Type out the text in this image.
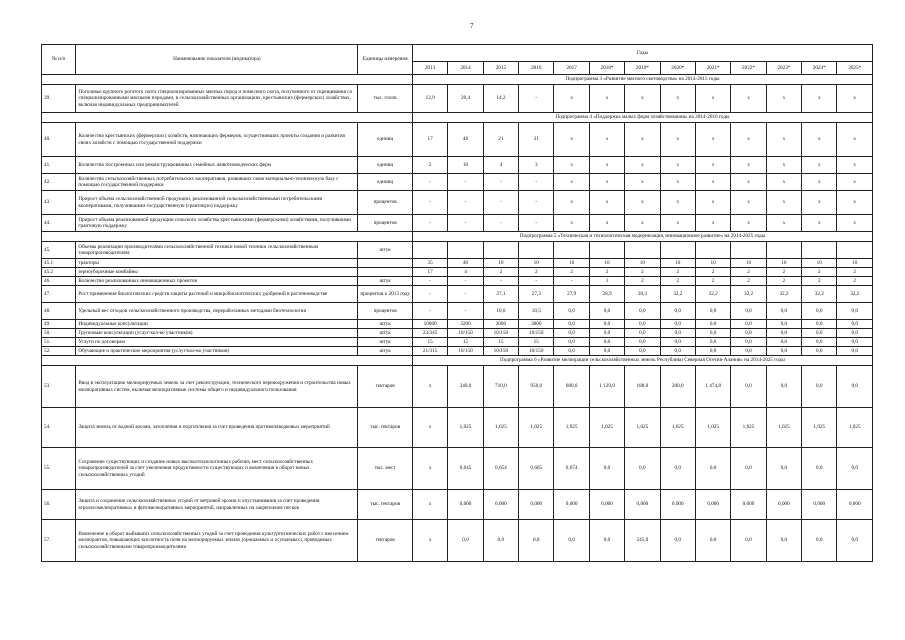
7
№ п/п	Наименование показателя (индикатора)	Единицы измерения	Годы												
			2013	2014	2015	2016	2017	2018*	2019*	2020*	2021*	2022*	2023*	2024*	2025*
			Подпрограмма 3 «Развитие мясного скотоводства» на 2014-2015 годы												
39.	Поголовье крупного рогатого скота специализированных мясных пород и помесного скота, полученного от скрещивания со специализированными мясными породами, в сельскохозяйственных организациях, крестьянских (фермерских) хозяйствах, включая индивидуальных предпринимателей	тыс. голов	12,9	20,4	14,2	-	х	х	х	х	х	х	х	х	х
			Подпрограмма 4 «Поддержка малых форм хозяйствования» на 2014-2016 годы												
40.	Количество крестьянских (фермерских) хозяйств, начинающих фермеров, осуществивших проекты создания и развития своих хозяйств с помощью государственной поддержки	единиц	17	48	21	31	х	х	х	х	х	х	х	х	х
41.	Количество построенных или реконструированных семейных животноводческих ферм	единиц	2	10	4	3	х	х	х	х	х	х	х	х	х
42.	Количество сельскохозяйственных потребительских кооперативов, развивших свою материально-техническую базу с помощью государственной поддержки	единиц	-	-	-	-	х	х	х	х	х	х	х	х	х
43.	Прирост объема сельскохозяйственной продукции, реализованной сельскохозяйственными потребительскими кооперативами, получившими государственную (грантовую) поддержку	процентов	-	-	-	-	х	х	х	х	х	х	х	х	х
44.	Прирост объема реализованной продукции сельского хозяйства крестьянскими (фермерскими) хозяйствами, получившими грантовую поддержку	процентов	-	-	-	-	х	х	х	х	х	х	х	х	х
			Подпрограмма 5 «Техническая и технологическая модернизация, инновационное развитие» на 2014-2025 годы												
45.	Объемы реализации производителями сельскохозяйственной техники новой техники сельскохозяйственным товаропроизводителям:	штук													
45.1	тракторы		35	40	10	10	10	10	10	10	10	10	10	10	10
45.2	зерноуборочные комбайны		17	4	2	2	2	2	2	2	2	2	2	2	2
46.	Количество реализованных инновационных проектов	штук	-	-	-	-	-	1	2	2	2	2	2	2	2
47.	Рост применения биологических средств защиты растений и микробиологических удобрений в растениеводстве	процентов к 2013 году	-	-	27,1	27,3	27,9	28,9	30,3	32,2	32,2	32,2	32,2	32,2	32,2
48.	Удельный вес отходов сельскохозяйственного производства, переработанных методами биотехнологии	процентов	-	-	10,0	10,5	0,0	0,0	0,0	0,0	0,0	0,0	0,0	0,0	0,0
49.	Индивидуальные консультации	штук	10000	3200	3000	3000	0,0	0,0	0,0	0,0	0,0	0,0	0,0	0,0	0,0
50.	Групповые консультации (услуг/кол-во участников)	штук	23/345	10/150	10/150	10/150	0,0	0,0	0,0	0,0	0,0	0,0	0,0	0,0	0,0
51.	Услуги по договорам	штук	15	15	15	15	0,0	0,0	0,0	0,0	0,0	0,0	0,0	0,0	0,0
52.	Обучающие и практические мероприятия (услуг/кол-во участников)	штук	21/315	10/150	10/150	10/150	0,0	0,0	0,0	0,0	0,0	0,0	0,0	0,0	0,0
			Подпрограмма 6 «Развитие мелиорации сельскохозяйственных земель Республики Северная Осетия-Алания» на 2014-2025 годы												
53.	Ввод в эксплуатацию мелиорируемых земель за счет реконструкции, технического перевооружения и строительства новых мелиоративных систем, включая мелиоративные системы общего и индивидуального пользования	гектаров	х	340,0	710,0	956,0	680,0	1 129,0	188,0	200,0	1 474,8	0,0	0,0	0,0	0,0
54.	Защита земель от водной эрозии, затопления и подтопления за счет проведения противопаводковых мероприятий	тыс. гектаров	х	1,025	1,025	1,025	1,025	1,025	1,025	1,025	1,025	1,025	1,025	1,025	1,025
55.	Сохранение существующих и создание новых высокотехнологичных рабочих мест сельскохозяйственных товаропроизводителей за счет увеличения продуктивности существующих и вовлечения в оборот новых сельскохозяйственных угодий	тыс. мест	х	0,645	0,654	0,665	0,674	0,0	0,0	0,0	0,0	0,0	0,0	0,0	0,0
56.	Защита и сохранение сельскохозяйственных угодий от ветровой эрозии и опустынивания за счет проведения агролесомелиоративных и фитомелиоративных мероприятий, направленных на закрепление песков	тыс. гектаров	х	0,000	0,000	0,000	0,000	0,000	0,000	0,000	0,000	0,000	0,000	0,000	0,000
57.	Вовлечение в оборот выбывших сельскохозяйственных угодий за счет проведения культуртехнических работ с внесением мелиорантов, повышающих кислотность почв на мелиорируемых землях (орошаемых и осушаемых), проводимых сельскохозяйственными товаропроизводителями	гектаров	х	0,0	0,0	0,0	0,0	0,0	245,0	0,0	0,0	0,0	0,0	0,0	0,0
